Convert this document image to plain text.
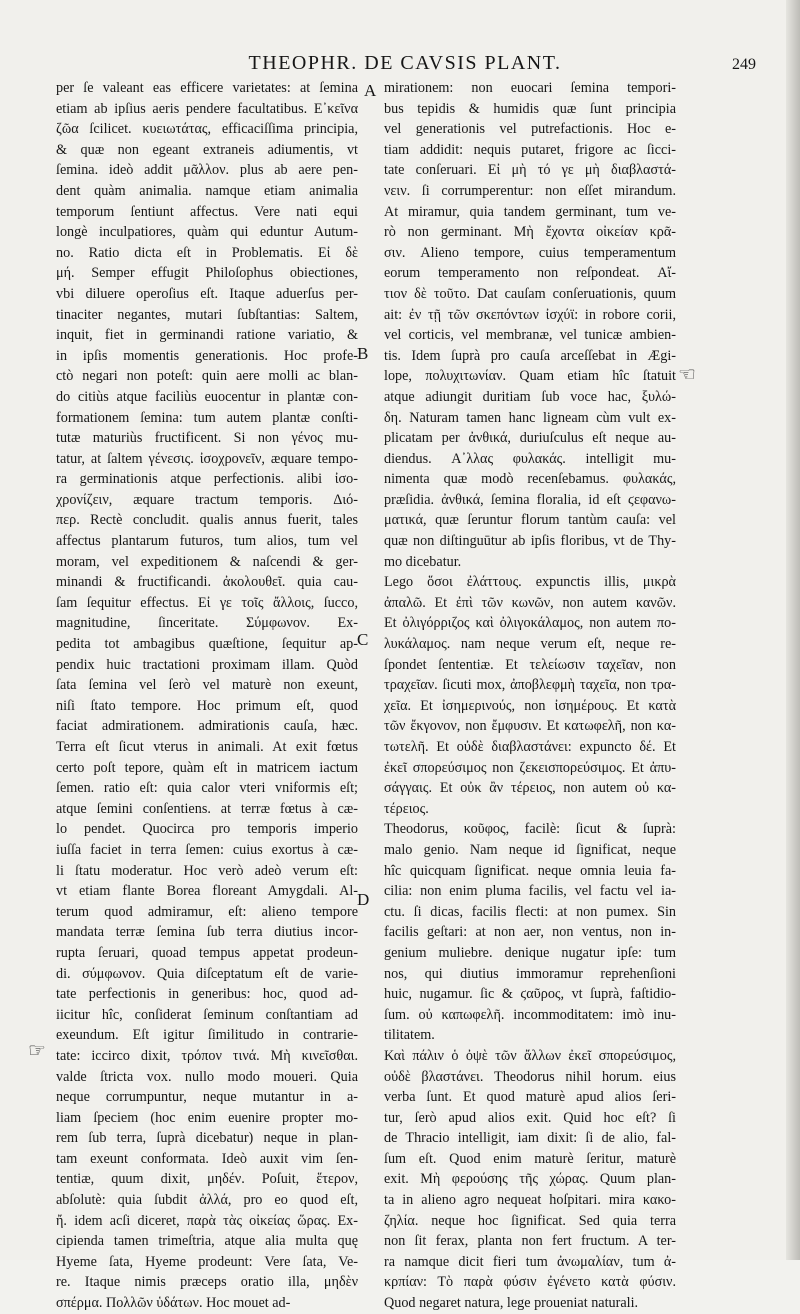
THEOPHR. DE CAVSIS PLANT.	249
A
B
C
D
☜
☞
per ſe valeant eas efficere varietates: at ſemina
etiam ab ipſius aeris pendere facultatibus. Ε᾽κεῖνα
ζῶα ſcilicet. κυειωτάτας, efficaciſſima principia,
& quæ non egeant extraneis adiumentis, vt
ſemina. ideò addit μᾶλλον. plus ab aere pen-
dent quàm animalia. namque etiam animalia
temporum ſentiunt affectus. Vere nati equi
longè inculpatiores, quàm qui eduntur Autum-
no. Ratio dicta eſt in Problematis. Εἰ δὲ
μή. Semper effugit Philoſophus obiectiones,
vbi diluere operoſius eſt. Itaque aduerſus per-
tinaciter negantes, mutari ſubſtantias: Saltem,
inquit, fiet in germinandi ratione variatio, &
in ipſis momentis generationis. Hoc profe-
ctò negari non poteſt: quin aere molli ac blan-
do citiùs atque faciliùs euocentur in plantæ con-
formationem ſemina: tum autem plantæ conſti-
tutæ maturiùs fructificent. Si non γένος mu-
tatur, at ſaltem γένεσις. ἰσοχρονεῖν, æquare tempo-
ra germinationis atque perfectionis. alibi ἰσο-
χρονίζειν, æquare tractum temporis. Διό-
περ. Rectè concludit. qualis annus fuerit, tales
affectus plantarum futuros, tum alios, tum vel
moram, vel expeditionem & naſcendi & ger-
minandi & fructificandi. ἀκολουθεῖ. quia cau-
ſam ſequitur effectus. Εἰ γε τοῖς ἄλλοις, ſucco,
magnitudine, ſinceritate. Σύμφωνον. Ex-
pedita tot ambagibus quæſtione, ſequitur ap-
pendix huic tractationi proximam illam. Quòd
ſata ſemina vel ſerò vel maturè non exeunt,
niſi ſtato tempore. Hoc primum eſt, quod
faciat admirationem. admirationis cauſa, hæc.
Terra eſt ſicut vterus in animali. At exit fœtus
certo poſt tepore, quàm eſt in matricem iactum
ſemen. ratio eſt: quia calor vteri vniformis eſt;
atque ſemini conſentiens. at terræ fœtus à cæ-
lo pendet. Quocirca pro temporis imperio
iuſſa faciet in terra ſemen: cuius exortus à cæ-
li ſtatu moderatur. Hoc verò adeò verum eſt:
vt etiam flante Borea floreant Amygdali. Al-
terum quod admiramur, eſt: alieno tempore
mandata terræ ſemina ſub terra diutius incor-
rupta ſeruari, quoad tempus appetat prodeun-
di. σύμφωνον. Quia diſceptatum eſt de varie-
tate perfectionis in generibus: hoc, quod ad-
iicitur hîc, conſiderat ſeminum conſtantiam ad
exeundum. Eſt igitur ſimilitudo in contrarie-
tate: iccirco dixit, τρόπον τινά. Μὴ κινεῖσθαι.
valde ſtricta vox. nullo modo moueri. Quia
neque corrumpuntur, neque mutantur in a-
liam ſpeciem (hoc enim euenire propter mo-
rem ſub terra, ſuprà dicebatur) neque in plan-
tam exeunt conformata. Ideò auxit vim ſen-
tentiæ, quum dixit, μηδέν. Poſuit, ἕτερον,
abſolutè: quia ſubdit ἀλλά, pro eo quod eſt,
ἤ. idem acſi diceret, παρὰ τὰς οἰκείας ὥρας. Ex-
cipienda tamen trimeſtria, atque alia multa quę
Hyeme ſata, Hyeme prodeunt: Vere ſata, Ve-
re. Itaque nimis præceps oratio illa, μηδὲν
σπέρμα. Πολλῶν ὑδάτων. Hoc mouet ad-
mirationem: non euocari ſemina tempori-
bus tepidis & humidis quæ ſunt principia
vel generationis vel putrefactionis. Hoc e-
tiam addidit: nequis putaret, frigore ac ſicci-
tate conſeruari. Εἰ μὴ τό γε μὴ διαβλαστά-
νειν. ſi corrumperentur: non eſſet mirandum.
At miramur, quia tandem germinant, tum ve-
rò non germinant. Μὴ ἔχοντα οἰκείαν κρᾶ-
σιν. Alieno tempore, cuius temperamentum
eorum temperamento non reſpondeat. Αἴ-
τιον δὲ τοῦτο. Dat cauſam conſeruationis, quum
ait: ἐν τῇ τῶν σκεπόντων ἰσχύϊ: in robore corii,
vel corticis, vel membranæ, vel tunicæ ambien-
tis. Idem ſuprà pro cauſa arceſſebat in Ægi-
lope, πολυχιτωνίαν. Quam etiam hîc ſtatuit
atque adiungit duritiam ſub voce hac, ξυλώ-
δη. Naturam tamen hanc ligneam cùm vult ex-
plicatam per ἀνθικά, duriuſculus eſt neque au-
diendus. Α᾽λλας φυλακάς. intelligit mu-
nimenta quæ modò recenſebamus. φυλακάς,
præſidia. ἀνθικά, ſemina floralia, id eſt ϛεφανω-
ματικά, quæ ſeruntur florum tantùm cauſa: vel
quæ non diſtinguūtur ab ipſis floribus, vt de Thy-
mo dicebatur.
Lego ὅσοι ἐλάττους. expunctis illis, μικρὰ
ἀπαλῶ. Et ἐπὶ τῶν κωνῶν, non autem κανῶν.
Et ὀλιγόρριζος καὶ ὀλιγοκάλαμος, non autem πο-
λυκάλαμος. nam neque verum eſt, neque re-
ſpondet ſententiæ. Et τελείωσιν ταχεῖαν, non
τραχεῖαν. ſicuti mox, ἀποβλεφμὴ ταχεῖα, non τρα-
χεῖα. Et ἰσημερινούς, non ἰσημέρους. Et κατὰ
τῶν ἔκγονον, non ἔμφυσιν. Et κατωφελῆ, non κα-
τωτελῆ. Et οὐδὲ διαβλαστάνει: expuncto δέ. Et
ἐκεῖ σπορεύσιμος non ζεκεισπορεύσιμος. Et ἀπυ-
σάγγαις. Et οὐκ ἂν τέρειος, non autem οὐ κα-
τέρειος.
Theodorus, κοῦφος, facilè: ſicut & ſuprà:
malo genio. Nam neque id ſignificat, neque
hîc quicquam ſignificat. neque omnia leuia fa-
cilia: non enim pluma facilis, vel factu vel ia-
ctu. ſi dicas, facilis flecti: at non pumex. Sin
facilis geſtari: at non aer, non ventus, non in-
genium muliebre. denique nugatur ipſe: tum
nos, qui diutius immoramur reprehenſioni
huic, nugamur. ſic & ϛαῦρος, vt ſuprà, faſtidio-
ſum. οὐ καπωφελῆ. incommoditatem: imò inu-
tilitatem.
Καὶ πάλιν ὁ ὀψὲ τῶν ἄλλων ἐκεῖ σπορεύσιμος,
οὐδὲ βλαστάνει. Theodorus nihil horum. eius
verba ſunt. Et quod maturè apud alios ſeri-
tur, ſerò apud alios exit. Quid hoc eſt? ſi
de Thracio intelligit, iam dixit: ſi de alio, fal-
ſum eſt. Quod enim maturè ſeritur, maturè
exit. Μὴ φερούσης τῆς χώρας. Quum plan-
ta in alieno agro nequeat hoſpitari. mira κακο-
ζηλία. neque hoc ſignificat. Sed quia terra
non ſit ferax, planta non fert fructum. A ter-
ra namque dicit fieri tum ἀνωμαλίαν, tum ἀ-
κρπίαν: Τὸ παρὰ φύσιν ἐγένετο κατὰ φύσιν.
Quod negaret natura, lege proueniat naturali.
